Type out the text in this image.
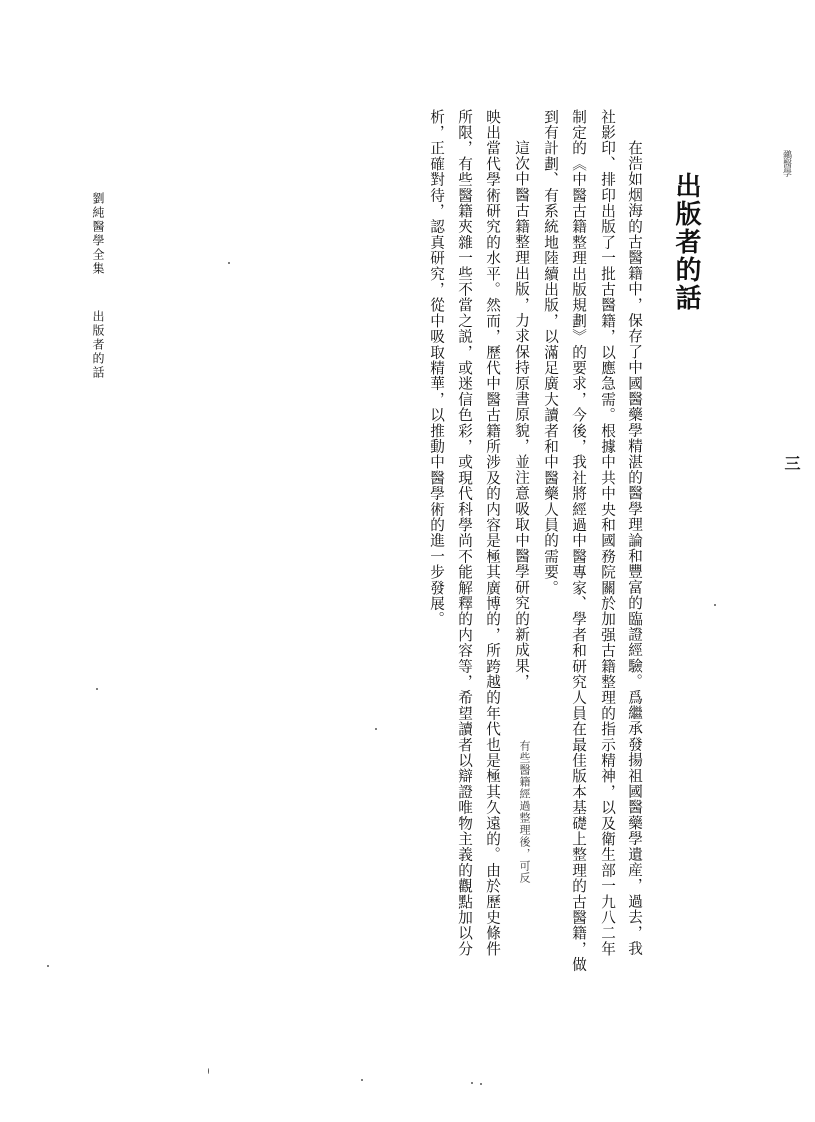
鶸醫學
三
出版者的話
在浩如烟海的古醫籍中，保存了中國醫藥學精湛的醫學理論和豐富的臨證經驗。爲繼承發揚祖國醫藥學遺産，過去，我
社影印、排印出版了一批古醫籍，以應急需。根據中共中央和國務院關於加强古籍整理的指示精神，以及衛生部一九八二年
制定的《中醫古籍整理出版規劃》的要求，今後，我社將經過中醫專家、學者和研究人員在最佳版本基礎上整理的古醫籍，做
到有計劃、有系統地陸續出版，以滿足廣大讀者和中醫藥人員的需要。
這次中醫古籍整理出版，力求保持原書原貌，並注意吸取中醫學研究的新成果，
有些醫籍經過整理後，可反
映出當代學術研究的水平。然而，歷代中醫古籍所涉及的内容是極其廣博的，所跨越的年代也是極其久遠的。由於歷史條件
所限，有些醫籍夾雜一些不當之説，或迷信色彩，或現代科學尚不能解釋的内容等，希望讀者以辯證唯物主義的觀點加以分
析，正確對待，認真研究，從中吸取精華，以推動中醫學術的進一步發展。
劉純醫學全集
出版者的話
